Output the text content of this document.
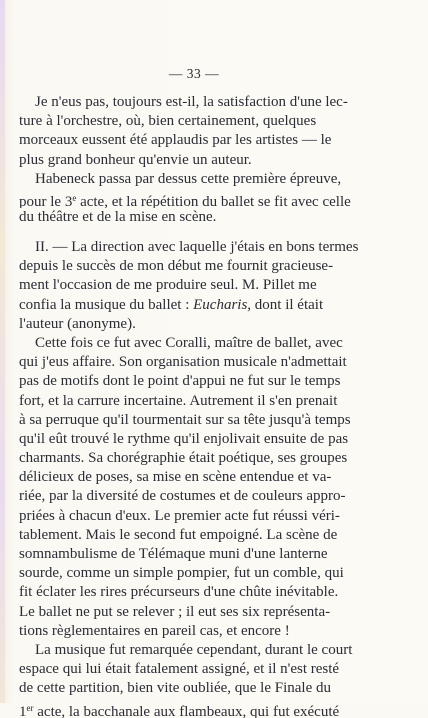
— 33 —
Je n'eus pas, toujours est-il, la satisfaction d'une lec-
ture à l'orchestre, où, bien certainement, quelques
morceaux eussent été applaudis par les artistes — le
plus grand bonheur qu'envie un auteur.
Habeneck passa par dessus cette première épreuve,
pour le 3e acte, et la répétition du ballet se fit avec celle
du théâtre et de la mise en scène.
II. — La direction avec laquelle j'étais en bons termes
depuis le succès de mon début me fournit gracieuse-
ment l'occasion de me produire seul. M. Pillet me
confia la musique du ballet : Eucharis, dont il était
l'auteur (anonyme).
Cette fois ce fut avec Coralli, maître de ballet, avec
qui j'eus affaire. Son organisation musicale n'admettait
pas de motifs dont le point d'appui ne fut sur le temps
fort, et la carrure incertaine. Autrement il s'en prenait
à sa perruque qu'il tourmentait sur sa tête jusqu'à temps
qu'il eût trouvé le rythme qu'il enjolivait ensuite de pas
charmants. Sa chorégraphie était poétique, ses groupes
délicieux de poses, sa mise en scène entendue et va-
riée, par la diversité de costumes et de couleurs appro-
priées à chacun d'eux. Le premier acte fut réussi véri-
tablement. Mais le second fut empoigné. La scène de
somnambulisme de Télémaque muni d'une lanterne
sourde, comme un simple pompier, fut un comble, qui
fit éclater les rires précurseurs d'une chûte inévitable.
Le ballet ne put se relever ; il eut ses six représenta-
tions règlementaires en pareil cas, et encore !
La musique fut remarquée cependant, durant le court
espace qui lui était fatalement assigné, et il n'est resté
de cette partition, bien vite oubliée, que le Finale du
1er acte, la bacchanale aux flambeaux, qui fut exécuté
